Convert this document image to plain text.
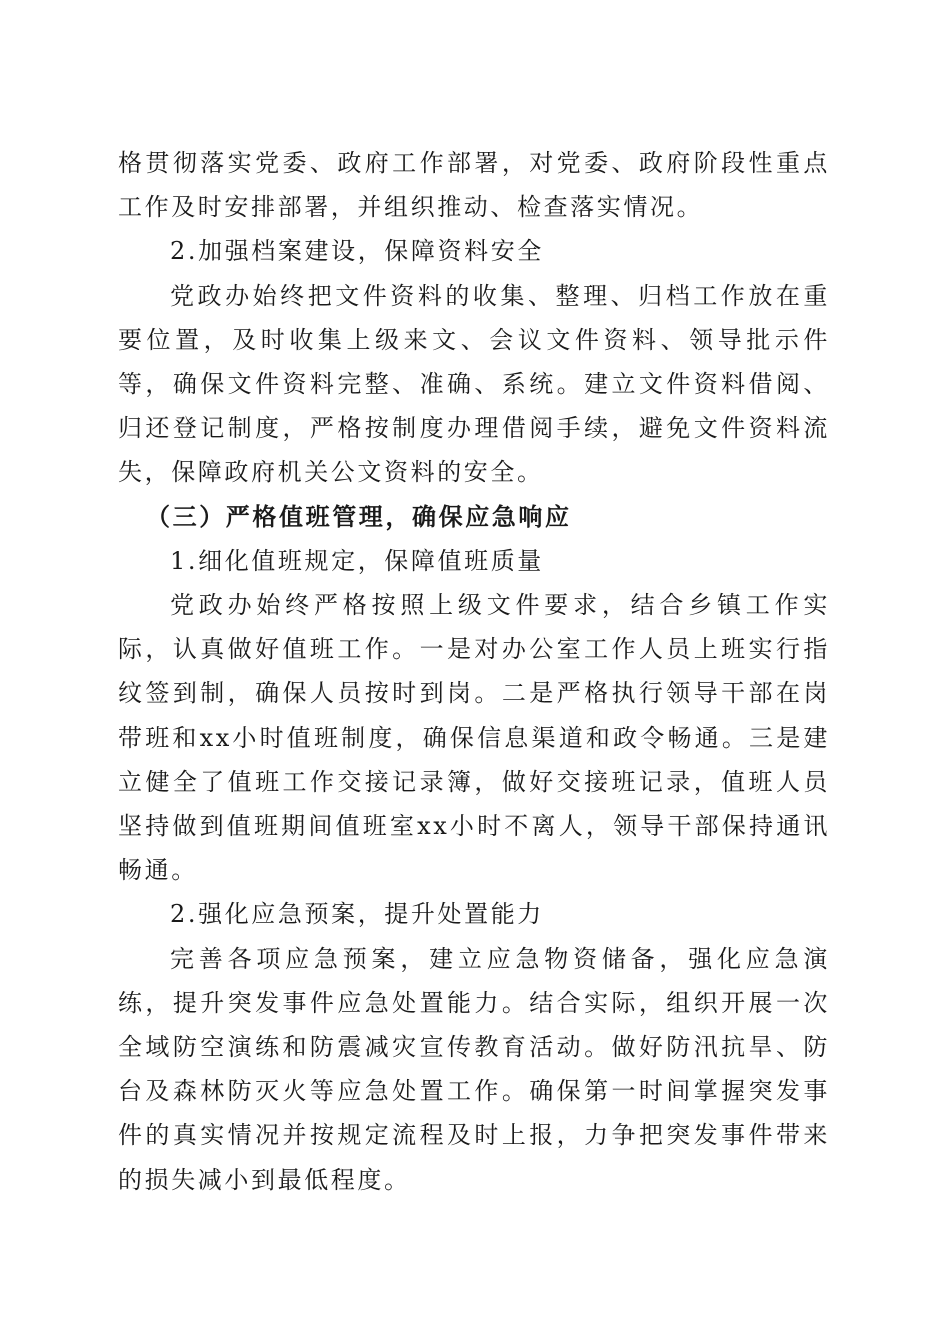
格贯彻落实党委、政府工作部署，对党委、政府阶段性重点工作及时安排部署，并组织推动、检查落实情况。

2.加强档案建设，保障资料安全

党政办始终把文件资料的收集、整理、归档工作放在重要位置，及时收集上级来文、会议文件资料、领导批示件等，确保文件资料完整、准确、系统。建立文件资料借阅、归还登记制度，严格按制度办理借阅手续，避免文件资料流失，保障政府机关公文资料的安全。

（三）严格值班管理，确保应急响应

1.细化值班规定，保障值班质量

党政办始终严格按照上级文件要求，结合乡镇工作实际，认真做好值班工作。一是对办公室工作人员上班实行指纹签到制，确保人员按时到岗。二是严格执行领导干部在岗带班和xx小时值班制度，确保信息渠道和政令畅通。三是建立健全了值班工作交接记录簿，做好交接班记录，值班人员坚持做到值班期间值班室xx小时不离人，领导干部保持通讯畅通。

2.强化应急预案，提升处置能力

完善各项应急预案，建立应急物资储备，强化应急演练，提升突发事件应急处置能力。结合实际，组织开展一次全域防空演练和防震减灾宣传教育活动。做好防汛抗旱、防台及森林防灭火等应急处置工作。确保第一时间掌握突发事件的真实情况并按规定流程及时上报，力争把突发事件带来的损失减小到最低程度。
